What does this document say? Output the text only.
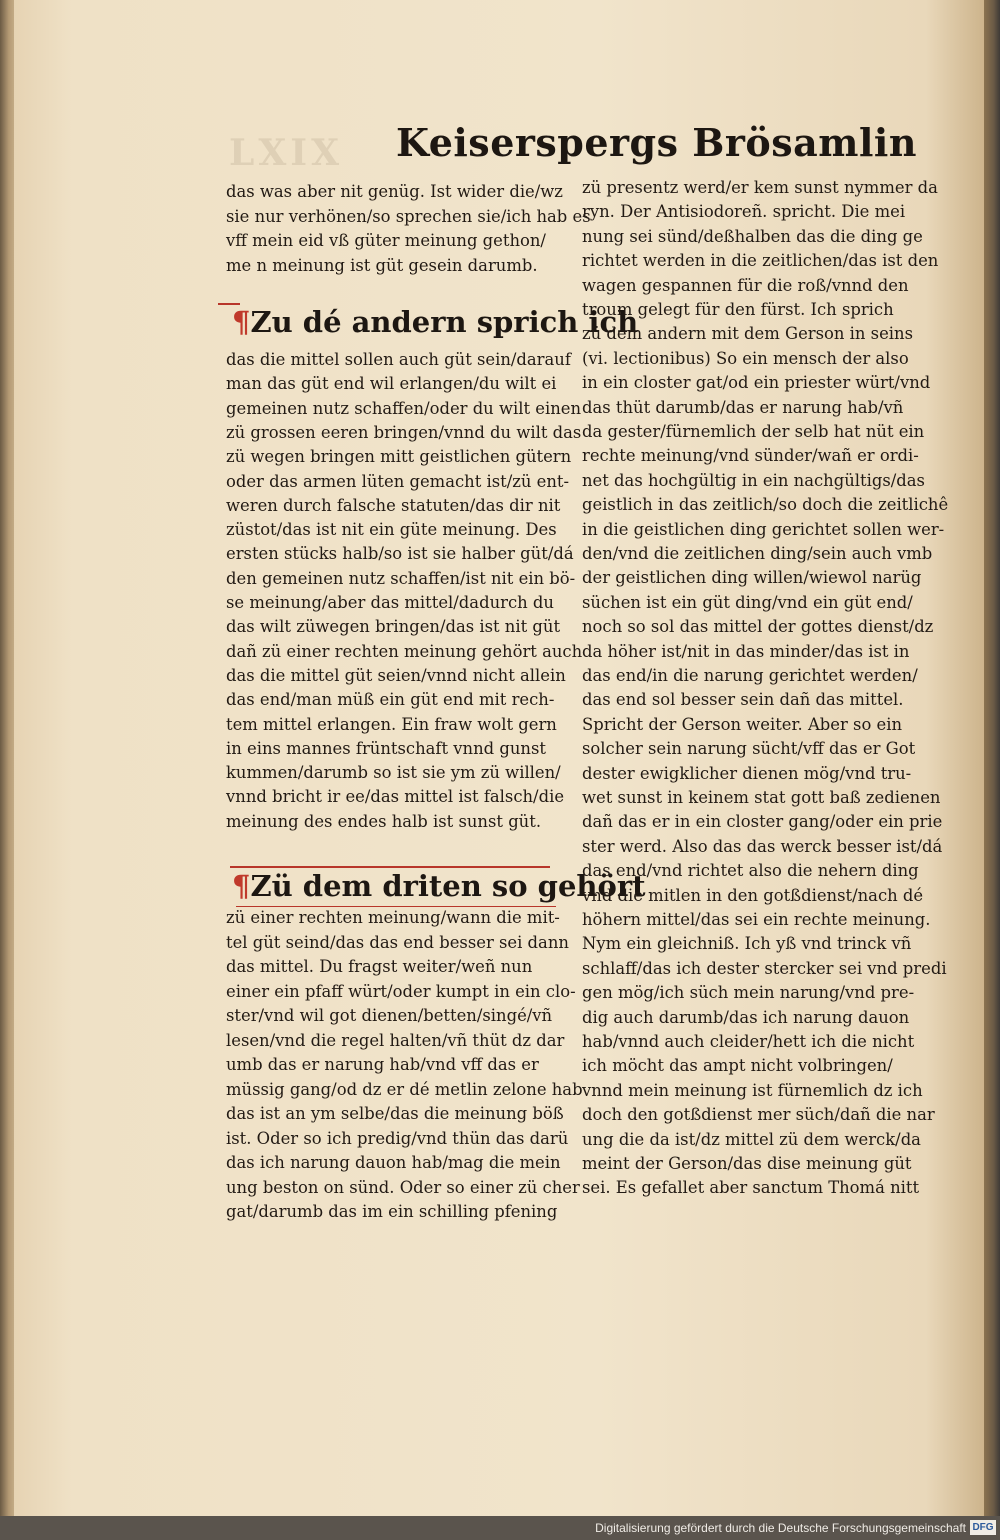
LXIX Keiserspergs Brösamlin
das was aber nit genüg. Ist wider die/wz
sie nur verhönen/so sprechen sie/ich hab es
vff mein eid vß güter meinung gethon/
me n meinung ist güt gesein darumb.
¶Zu dé andern sprich ich
das die mittel sollen auch güt sein/darauf
man das güt end wil erlangen/du wilt ei
gemeinen nutz schaffen/oder du wilt einen
zü grossen eeren bringen/vnnd du wilt das
zü wegen bringen mitt geistlichen gütern
oder das armen lüten gemacht ist/zü ent-
weren durch falsche statuten/das dir nit
züstot/das ist nit ein güte meinung. Des
ersten stücks halb/so ist sie halber güt/dá
den gemeinen nutz schaffen/ist nit ein bö-
se meinung/aber das mittel/dadurch du
das wilt züwegen bringen/das ist nit güt
dañ zü einer rechten meinung gehört auch
das die mittel güt seien/vnnd nicht allein
das end/man müß ein güt end mit rech-
tem mittel erlangen. Ein fraw wolt gern
in eins mannes früntschaft vnnd gunst
kummen/darumb so ist sie ym zü willen/
vnnd bricht ir ee/das mittel ist falsch/die
meinung des endes halb ist sunst güt.
¶Zü dem driten so gehört
zü einer rechten meinung/wann die mit-
tel güt seind/das das end besser sei dann
das mittel. Du fragst weiter/weñ nun
einer ein pfaff würt/oder kumpt in ein clo-
ster/vnd wil got dienen/betten/singé/vñ
lesen/vnd die regel halten/vñ thüt dz dar
umb das er narung hab/vnd vff das er
müssig gang/od dz er dé metlin zelone hab
das ist an ym selbe/das die meinung böß
ist. Oder so ich predig/vnd thün das darü
das ich narung dauon hab/mag die mein
ung beston on sünd. Oder so einer zü cher
gat/darumb das im ein schilling pfening
zü presentz werd/er kem sunst nymmer da
ryn. Der Antisiodoreñ. spricht. Die mei
nung sei sünd/deßhalben das die ding ge
richtet werden in die zeitlichen/das ist den
wagen gespannen für die roß/vnnd den
troum gelegt für den fürst. Ich sprich
zü dem andern mit dem Gerson in seins
(vi. lectionibus) So ein mensch der also
in ein closter gat/od ein priester würt/vnd
das thüt darumb/das er narung hab/vñ
da gester/fürnemlich der selb hat nüt ein
rechte meinung/vnd sünder/wañ er ordi-
net das hochgültig in ein nachgültigs/das
geistlich in das zeitlich/so doch die zeitlichê
in die geistlichen ding gerichtet sollen wer-
den/vnd die zeitlichen ding/sein auch vmb
der geistlichen ding willen/wiewol narüg
süchen ist ein güt ding/vnd ein güt end/
noch so sol das mittel der gottes dienst/dz
da höher ist/nit in das minder/das ist in
das end/in die narung gerichtet werden/
das end sol besser sein dañ das mittel.
Spricht der Gerson weiter. Aber so ein
solcher sein narung sücht/vff das er Got
dester ewigklicher dienen mög/vnd tru-
wet sunst in keinem stat gott baß zedienen
dañ das er in ein closter gang/oder ein prie
ster werd. Also das das werck besser ist/dá
das end/vnd richtet also die nehern ding
vnd die mitlen in den gotßdienst/nach dé
höhern mittel/das sei ein rechte meinung.
Nym ein gleichniß. Ich yß vnd trinck vñ
schlaff/das ich dester stercker sei vnd predi
gen mög/ich süch mein narung/vnd pre-
dig auch darumb/das ich narung dauon
hab/vnnd auch cleider/hett ich die nicht
ich möcht das ampt nicht volbringen/
vnnd mein meinung ist fürnemlich dz ich
doch den gotßdienst mer süch/dañ die nar
ung die da ist/dz mittel zü dem werck/da
meint der Gerson/das dise meinung güt
sei. Es gefallet aber sanctum Thomá nitt
Digitalisierung gefördert durch die Deutsche Forschungsgemeinschaft DFG
